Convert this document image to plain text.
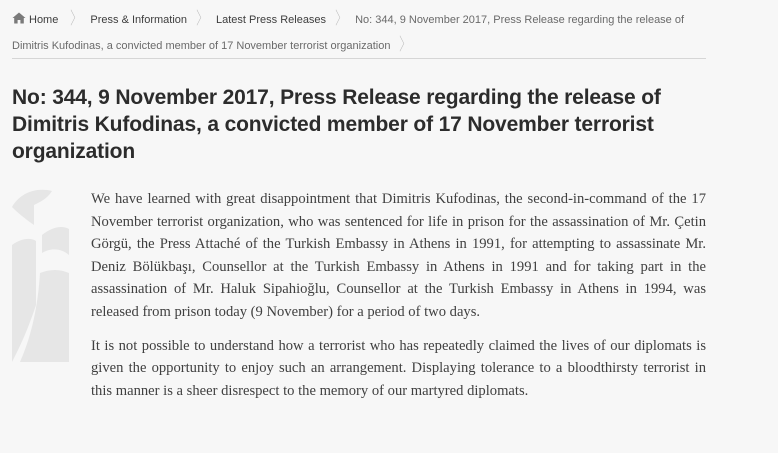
Home 〉 Press & Information 〉 Latest Press Releases 〉 No: 344, 9 November 2017, Press Release regarding the release of Dimitris Kufodinas, a convicted member of 17 November terrorist organization 〉
No: 344, 9 November 2017, Press Release regarding the release of Dimitris Kufodinas, a convicted member of 17 November terrorist organization

We have learned with great disappointment that Dimitris Kufodinas, the second-in-command of the 17 November terrorist organization, who was sentenced for life in prison for the assassination of Mr. Çetin Görgü, the Press Attaché of the Turkish Embassy in Athens in 1991, for attempting to assassinate Mr. Deniz Bölükbaşı, Counsellor at the Turkish Embassy in Athens in 1991 and for taking part in the assassination of Mr. Haluk Sipahioğlu, Counsellor at the Turkish Embassy in Athens in 1994, was released from prison today (9 November) for a period of two days.

It is not possible to understand how a terrorist who has repeatedly claimed the lives of our diplomats is given the opportunity to enjoy such an arrangement. Displaying tolerance to a bloodthirsty terrorist in this manner is a sheer disrespect to the memory of our martyred diplomats.
